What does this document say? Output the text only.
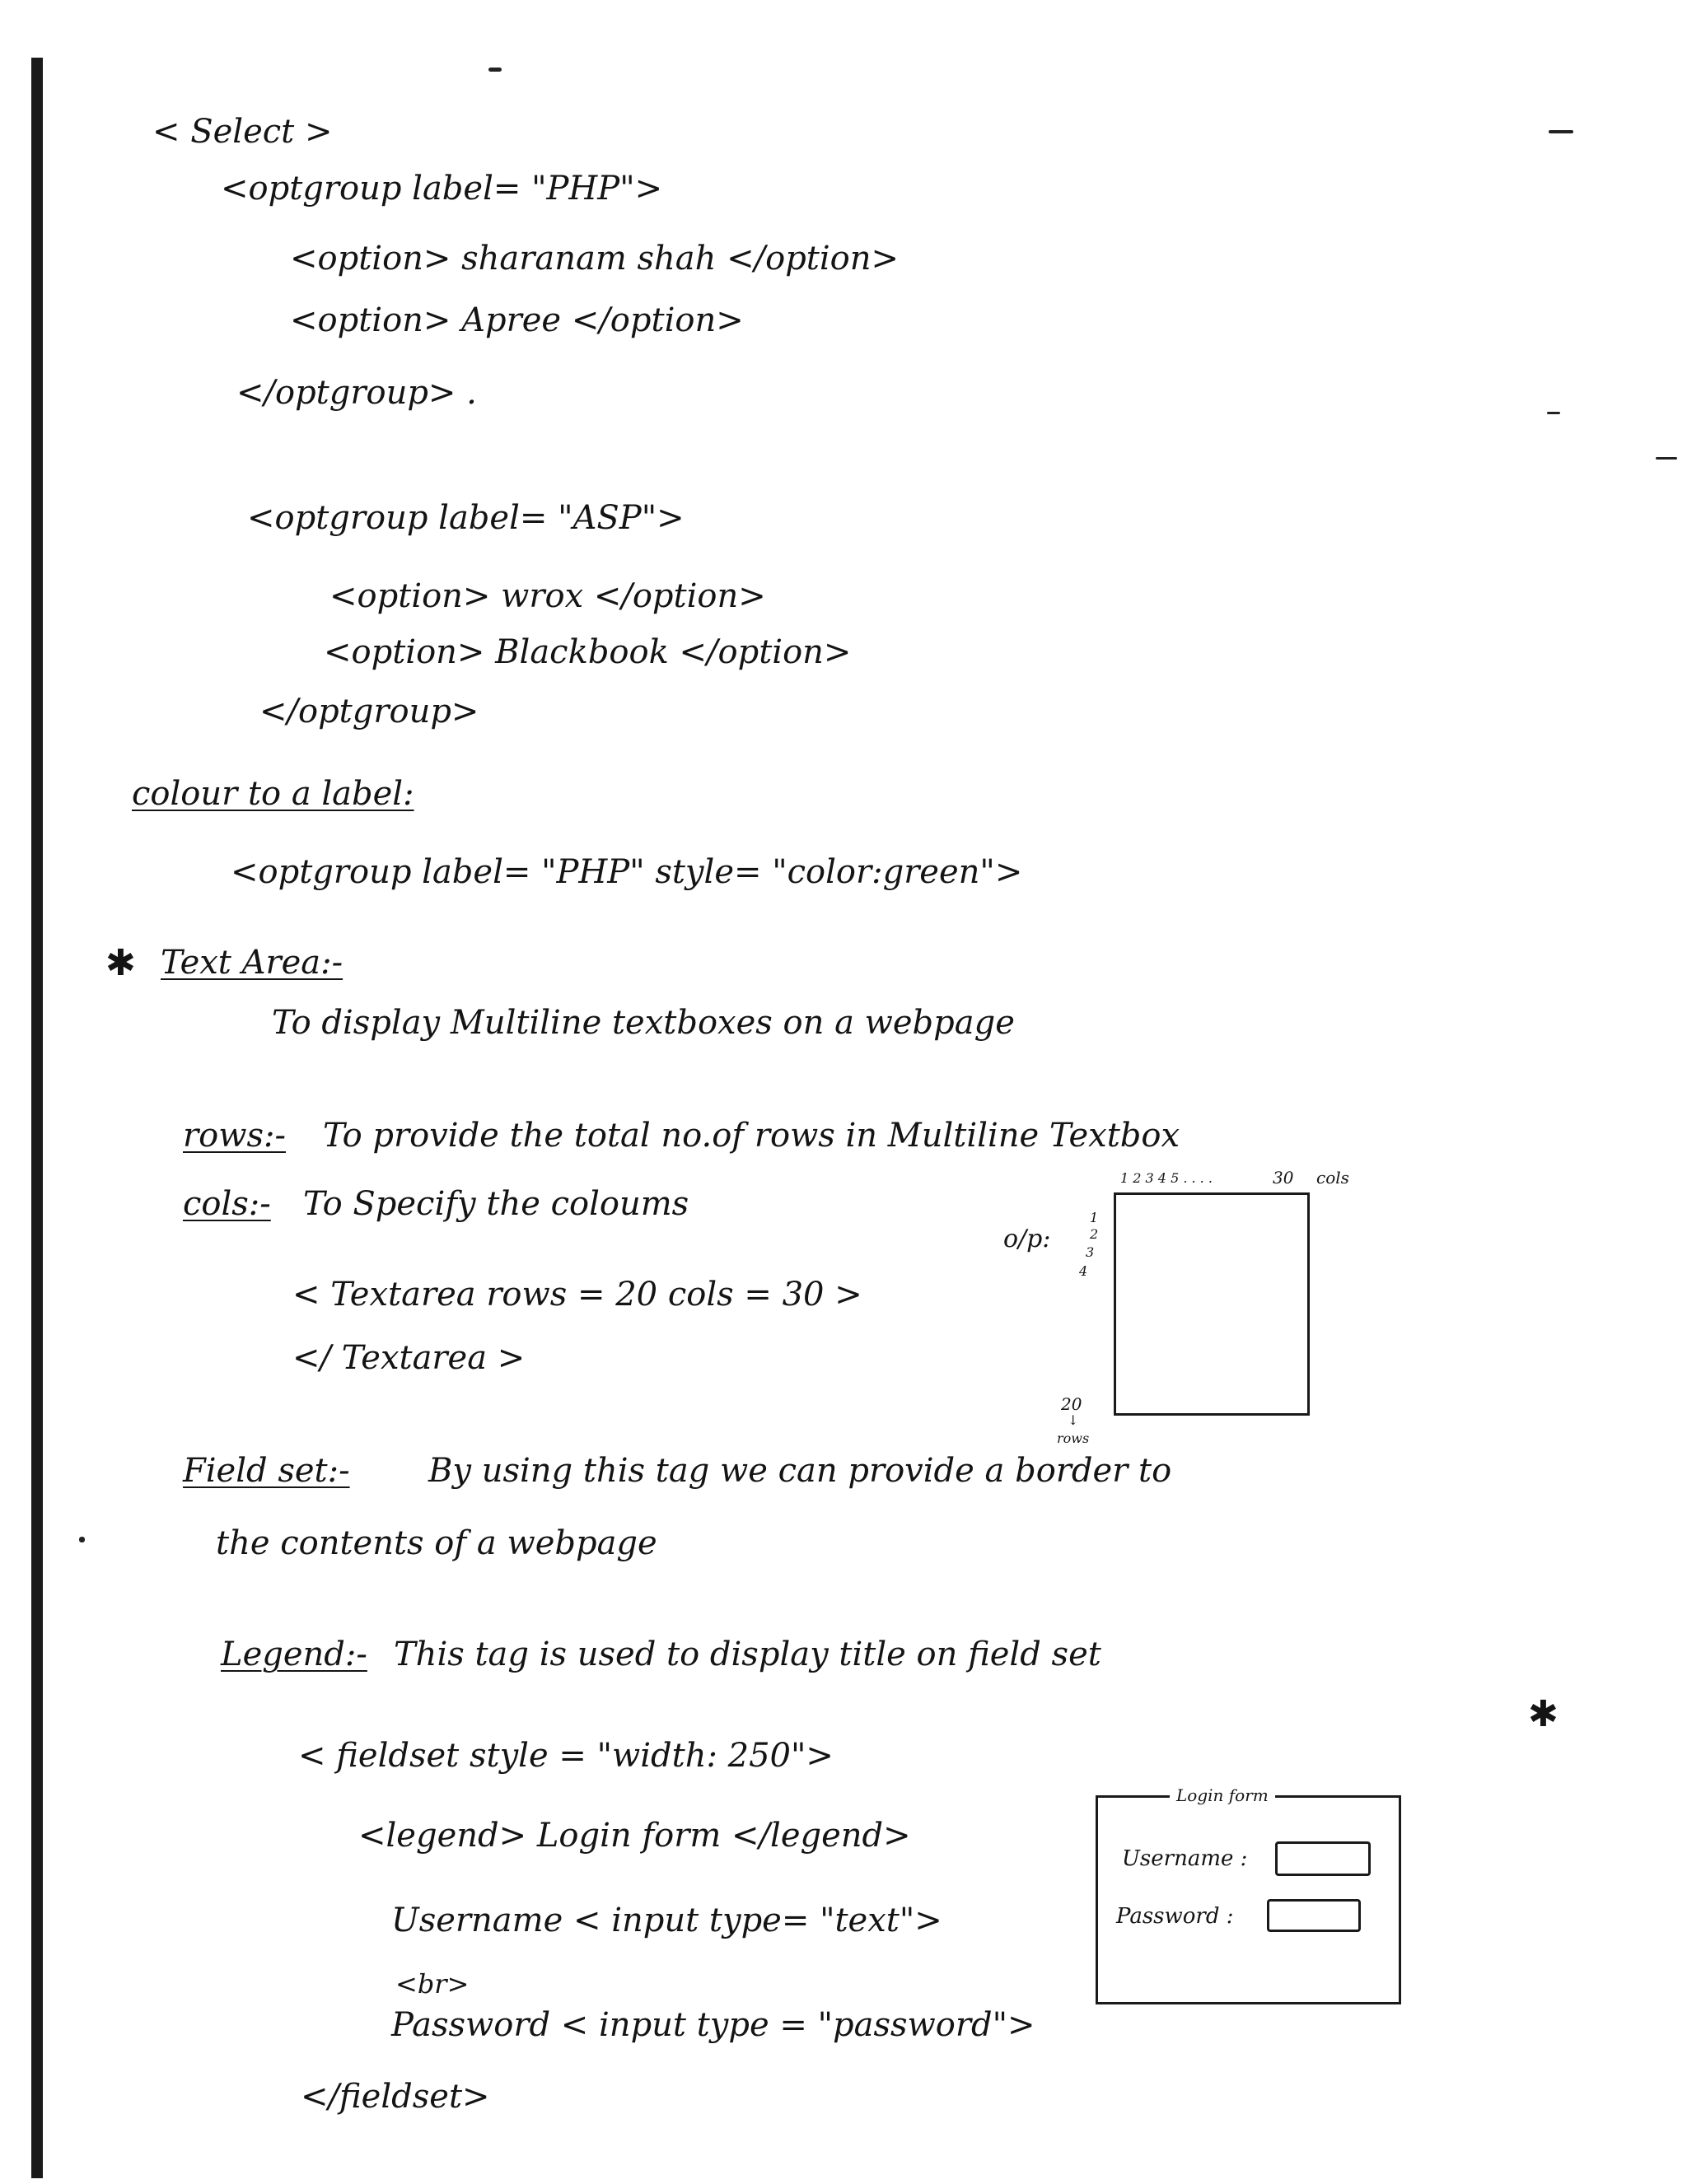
< Select >
<optgroup label= "PHP">
<option> sharanam shah </option>
<option> Apree </option>
</optgroup> .
<optgroup label= "ASP">
<option> wrox </option>
<option> Blackbook </option>
</optgroup>
colour to a label:
<optgroup label= "PHP" style= "color:green">
✱ Text Area:-
To display Multiline textboxes on a webpage
rows:- To provide the total no.of rows in Multiline Textbox
cols:- To Specify the coloums
< Textarea rows = 20 cols = 30 >
</ Textarea >
o/p:
1 2 3 4 5 . . . .	30 cols
1
2
3
4
20
↓
rows
Field set:- By using this tag we can provide a border to
the contents of a webpage
Legend:- This tag is used to display title on field set
< fieldset style = "width: 250">
<legend> Login form </legend>
Username < input type= "text">
<br>
Password < input type = "password">
</fieldset>
Login form
Username :
Password :
✱
